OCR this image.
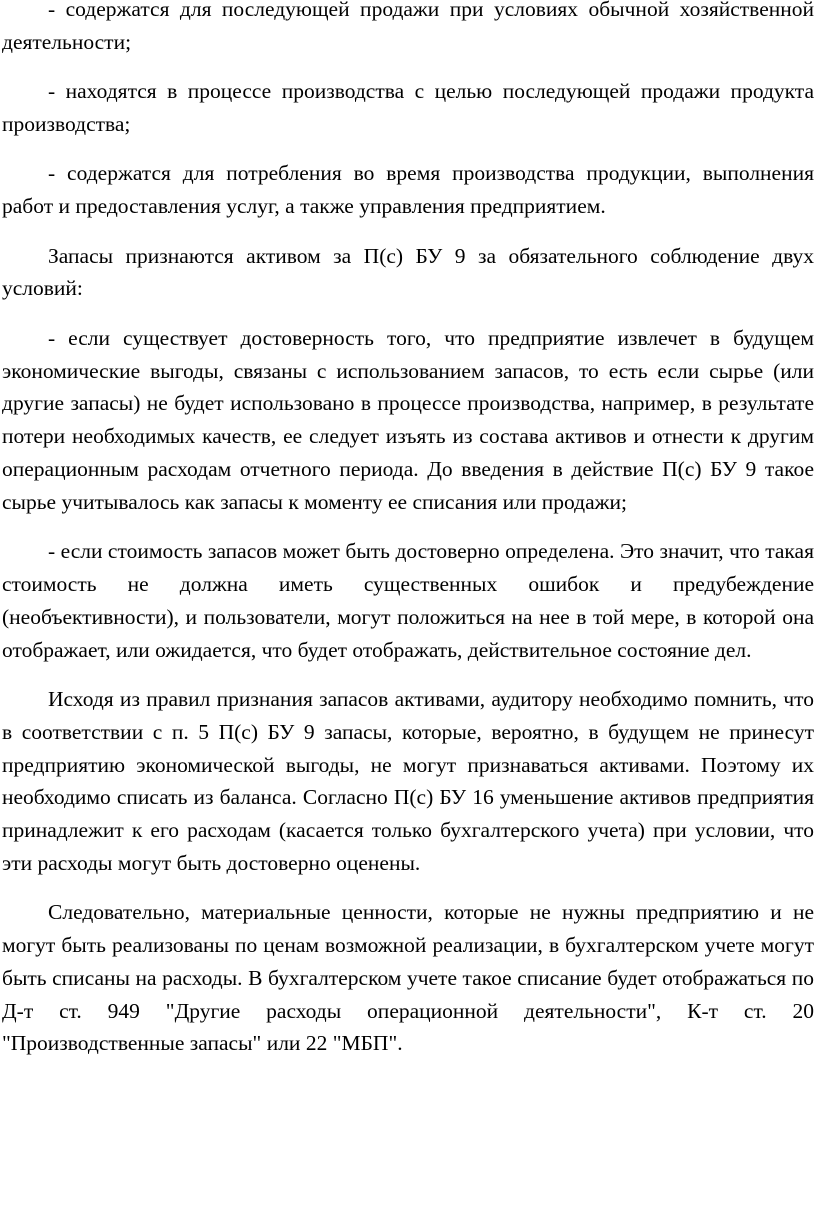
- содержатся для последующей продажи при условиях обычной хозяйственной деятельности;

- находятся в процессе производства с целью последующей продажи продукта производства;

- содержатся для потребления во время производства продукции, выполнения работ и предоставления услуг, а также управления предприятием.

Запасы признаются активом за П(с) БУ 9 за обязательного соблюдение двух условий:

- если существует достоверность того, что предприятие извлечет в будущем экономические выгоды, связаны с использованием запасов, то есть если сырье (или другие запасы) не будет использовано в процессе производства, например, в результате потери необходимых качеств, ее следует изъять из состава активов и отнести к другим операционным расходам отчетного периода. До введения в действие П(с) БУ 9 такое сырье учитывалось как запасы к моменту ее списания или продажи;

- если стоимость запасов может быть достоверно определена. Это значит, что такая стоимость не должна иметь существенных ошибок и предубеждение (необъективности), и пользователи, могут положиться на нее в той мере, в которой она отображает, или ожидается, что будет отображать, действительное состояние дел.

Исходя из правил признания запасов активами, аудитору необходимо помнить, что в соответствии с п. 5 П(с) БУ 9 запасы, которые, вероятно, в будущем не принесут предприятию экономической выгоды, не могут признаваться активами. Поэтому их необходимо списать из баланса. Согласно П(с) БУ 16 уменьшение активов предприятия принадлежит к его расходам (касается только бухгалтерского учета) при условии, что эти расходы могут быть достоверно оценены.

Следовательно, материальные ценности, которые не нужны предприятию и не могут быть реализованы по ценам возможной реализации, в бухгалтерском учете могут быть списаны на расходы. В бухгалтерском учете такое списание будет отображаться по Д-т ст. 949 "Другие расходы операционной деятельности", К-т ст. 20 "Производственные запасы" или 22 "МБП".
